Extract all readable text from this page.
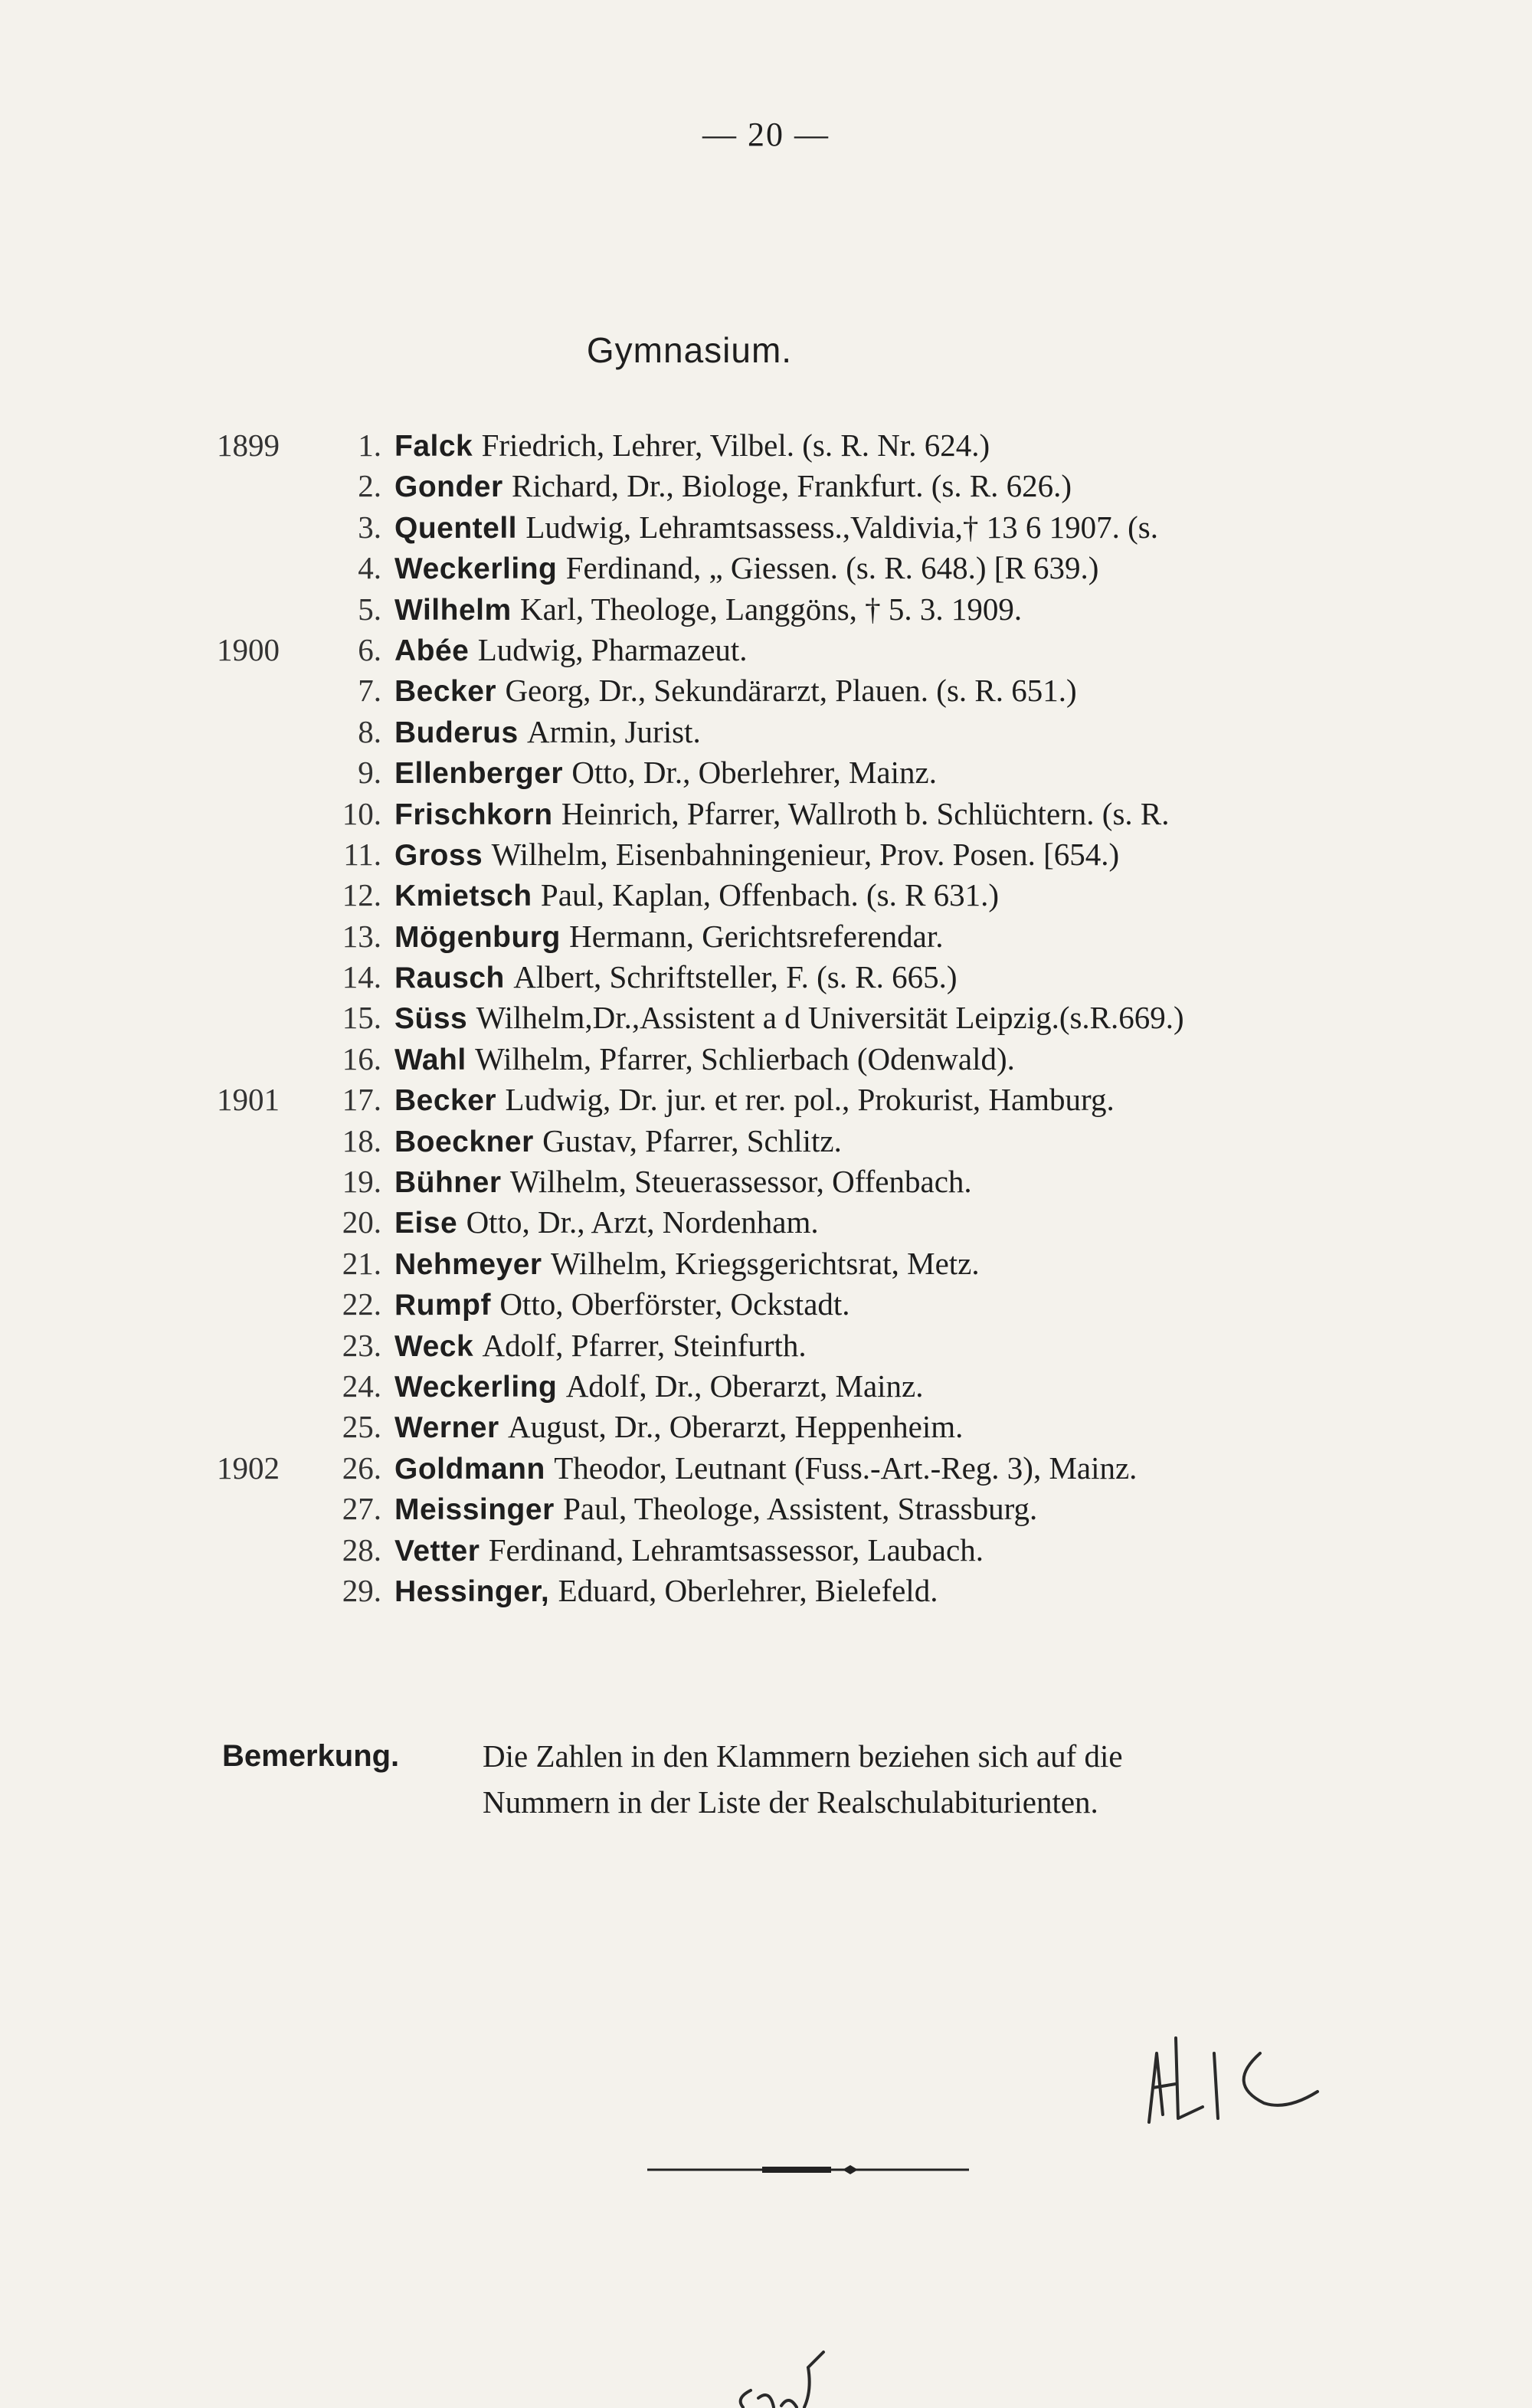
— 20 —
Gymnasium.
1899	1. Falck Friedrich, Lehrer, Vilbel. (s. R. Nr. 624.)
2. Gonder Richard, Dr., Biologe, Frankfurt. (s. R. 626.)
3. Quentell Ludwig, Lehramtsassess.,Valdivia,† 13 6 1907. (s.
4. Weckerling Ferdinand, „ Giessen. (s. R. 648.) [R 639.)
5. Wilhelm Karl, Theologe, Langgöns, † 5. 3. 1909.
1900	6. Abée Ludwig, Pharmazeut.
7. Becker Georg, Dr., Sekundärarzt, Plauen. (s. R. 651.)
8. Buderus Armin, Jurist.
9. Ellenberger Otto, Dr., Oberlehrer, Mainz.
10. Frischkorn Heinrich, Pfarrer, Wallroth b. Schlüchtern. (s. R.
11. Gross Wilhelm, Eisenbahningenieur, Prov. Posen. [654.)
12. Kmietsch Paul, Kaplan, Offenbach. (s. R 631.)
13. Mögenburg Hermann, Gerichtsreferendar.
14. Rausch Albert, Schriftsteller, F. (s. R. 665.)
15. Süss Wilhelm,Dr.,Assistent a d Universität Leipzig.(s.R.669.)
16. Wahl Wilhelm, Pfarrer, Schlierbach (Odenwald).
1901	17. Becker Ludwig, Dr. jur. et rer. pol., Prokurist, Hamburg.
18. Boeckner Gustav, Pfarrer, Schlitz.
19. Bühner Wilhelm, Steuerassessor, Offenbach.
20. Eise Otto, Dr., Arzt, Nordenham.
21. Nehmeyer Wilhelm, Kriegsgerichtsrat, Metz.
22. Rumpf Otto, Oberförster, Ockstadt.
23. Weck Adolf, Pfarrer, Steinfurth.
24. Weckerling Adolf, Dr., Oberarzt, Mainz.
25. Werner August, Dr., Oberarzt, Heppenheim.
1902	26. Goldmann Theodor, Leutnant (Fuss.-Art.-Reg. 3), Mainz.
27. Meissinger Paul, Theologe, Assistent, Strassburg.
28. Vetter Ferdinand, Lehramtsassessor, Laubach.
29. Hessinger, Eduard, Oberlehrer, Bielefeld.
Bemerkung.	Die Zahlen in den Klammern beziehen sich auf die
Nummern in der Liste der Realschulabiturienten.
